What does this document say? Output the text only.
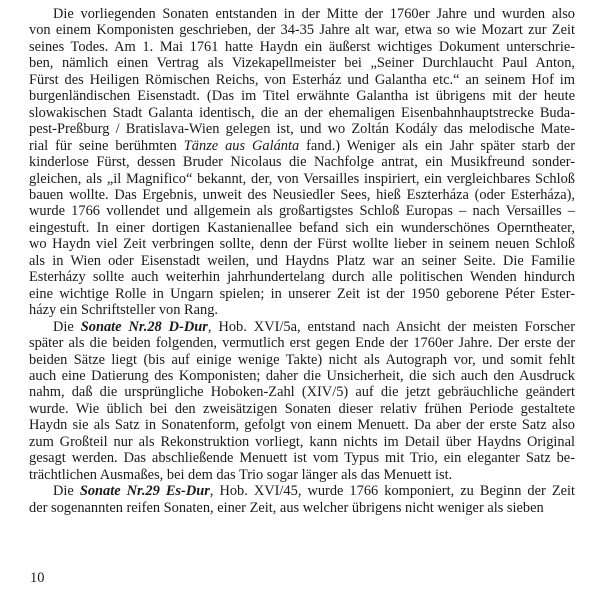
Die vorliegenden Sonaten entstanden in der Mitte der 1760er Jahre und wurden also
von einem Komponisten geschrieben, der 34-35 Jahre alt war, etwa so wie Mozart zur Zeit
seines Todes. Am 1. Mai 1761 hatte Haydn ein äußerst wichtiges Dokument unterschrie-
ben, nämlich einen Vertrag als Vizekapellmeister bei „Seiner Durchlaucht Paul Anton,
Fürst des Heiligen Römischen Reichs, von Esterház und Galantha etc.“ an seinem Hof im
burgenländischen Eisenstadt. (Das im Titel erwähnte Galantha ist übrigens mit der heute
slowakischen Stadt Galanta identisch, die an der ehemaligen Eisenbahnhauptstrecke Buda-
pest-Preßburg / Bratislava-Wien gelegen ist, und wo Zoltán Kodály das melodische Mate-
rial für seine berühmten Tänze aus Galánta fand.) Weniger als ein Jahr später starb der
kinderlose Fürst, dessen Bruder Nicolaus die Nachfolge antrat, ein Musikfreund sonder-
gleichen, als „il Magnifico“ bekannt, der, von Versailles inspiriert, ein vergleichbares Schloß
bauen wollte. Das Ergebnis, unweit des Neusiedler Sees, hieß Eszterháza (oder Esterháza),
wurde 1766 vollendet und allgemein als großartigstes Schloß Europas – nach Versailles –
eingestuft. In einer dortigen Kastanienallee befand sich ein wunderschönes Operntheater,
wo Haydn viel Zeit verbringen sollte, denn der Fürst wollte lieber in seinem neuen Schloß
als in Wien oder Eisenstadt weilen, und Haydns Platz war an seiner Seite. Die Familie
Esterházy sollte auch weiterhin jahrhundertelang durch alle politischen Wenden hindurch
eine wichtige Rolle in Ungarn spielen; in unserer Zeit ist der 1950 geborene Péter Ester-
házy ein Schriftsteller von Rang.
Die Sonate Nr.28 D-Dur, Hob. XVI/5a, entstand nach Ansicht der meisten Forscher
später als die beiden folgenden, vermutlich erst gegen Ende der 1760er Jahre. Der erste der
beiden Sätze liegt (bis auf einige wenige Takte) nicht als Autograph vor, und somit fehlt
auch eine Datierung des Komponisten; daher die Unsicherheit, die sich auch den Ausdruck
nahm, daß die ursprüngliche Hoboken-Zahl (XIV/5) auf die jetzt gebräuchliche geändert
wurde. Wie üblich bei den zweisätzigen Sonaten dieser relativ frühen Periode gestaltete
Haydn sie als Satz in Sonatenform, gefolgt von einem Menuett. Da aber der erste Satz also
zum Großteil nur als Rekonstruktion vorliegt, kann nichts im Detail über Haydns Original
gesagt werden. Das abschließende Menuett ist vom Typus mit Trio, ein eleganter Satz be-
trächtlichen Ausmaßes, bei dem das Trio sogar länger als das Menuett ist.
Die Sonate Nr.29 Es-Dur, Hob. XVI/45, wurde 1766 komponiert, zu Beginn der Zeit
der sogenannten reifen Sonaten, einer Zeit, aus welcher übrigens nicht weniger als sieben
10
